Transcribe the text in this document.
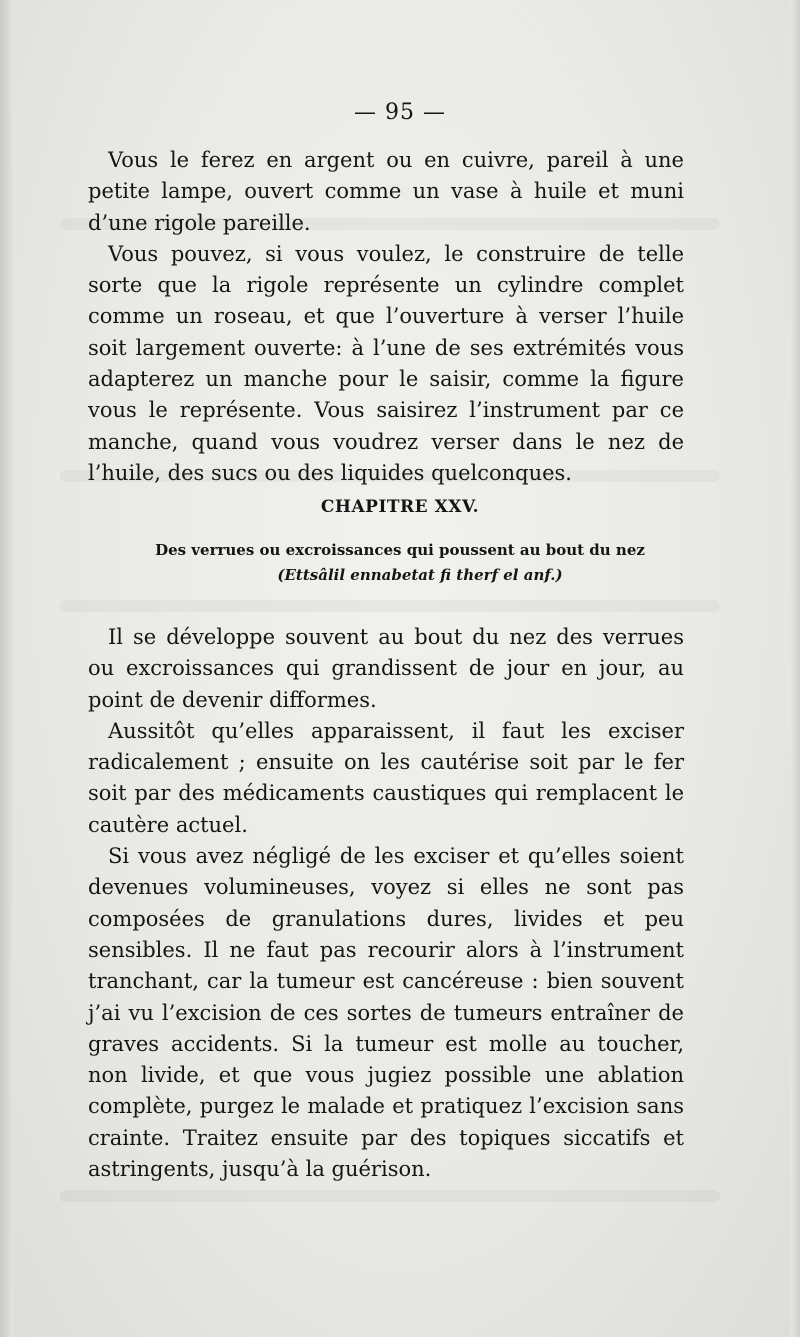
— 95 —

Vous le ferez en argent ou en cuivre, pareil à une petite lampe, ouvert comme un vase à huile et muni d’une rigole pareille.

Vous pouvez, si vous voulez, le construire de telle sorte que la rigole représente un cylindre complet comme un roseau, et que l’ouverture à verser l’huile soit largement ouverte: à l’une de ses extrémités vous adapterez un manche pour le saisir, comme la figure vous le représente. Vous saisirez l’instrument par ce manche, quand vous voudrez verser dans le nez de l’huile, des sucs ou des liquides quelconques.

CHAPITRE XXV.
Des verrues ou excroissances qui poussent au bout du nez
(Ettsâlil ennabetat fi therf el anf.)

Il se développe souvent au bout du nez des verrues ou excroissances qui grandissent de jour en jour, au point de devenir difformes.

Aussitôt qu’elles apparaissent, il faut les exciser radicalement ; ensuite on les cautérise soit par le fer soit par des médicaments caustiques qui remplacent le cautère actuel.

Si vous avez négligé de les exciser et qu’elles soient devenues volumineuses, voyez si elles ne sont pas composées de granulations dures, livides et peu sensibles. Il ne faut pas recourir alors à l’instrument tranchant, car la tumeur est cancéreuse : bien souvent j’ai vu l’excision de ces sortes de tumeurs entraîner de graves accidents. Si la tumeur est molle au toucher, non livide, et que vous jugiez possible une ablation complète, purgez le malade et pratiquez l’excision sans crainte. Traitez ensuite par des topiques siccatifs et astringents, jusqu’à la guérison.
